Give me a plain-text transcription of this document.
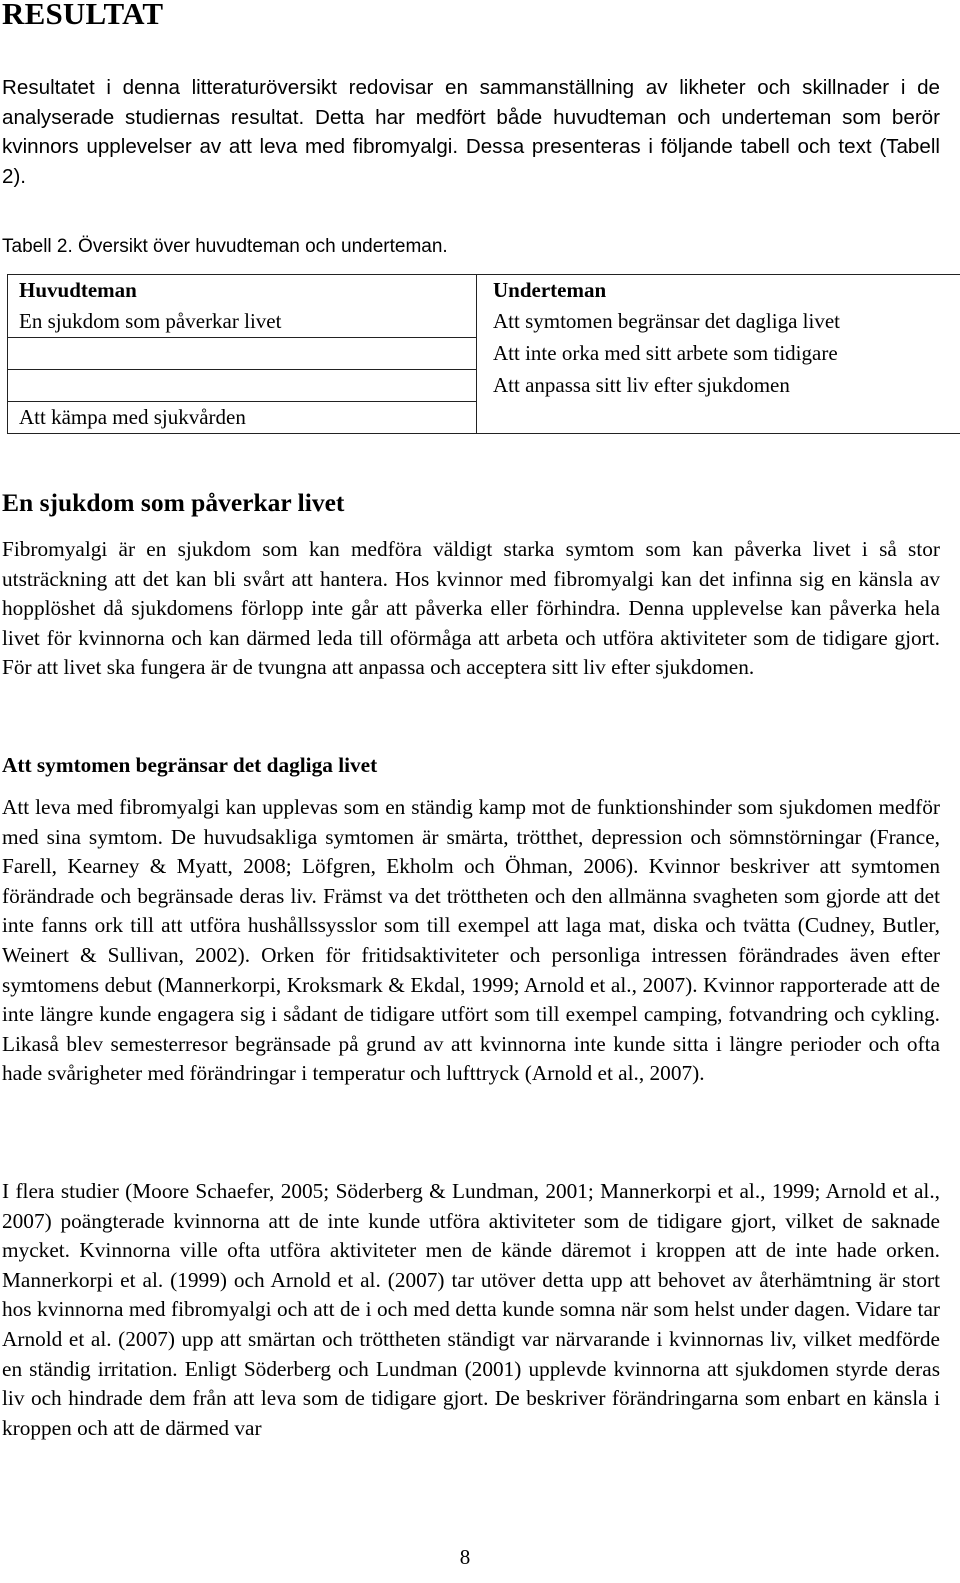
RESULTAT

Resultatet i denna litteraturöversikt redovisar en sammanställning av likheter och skillnader i de analyserade studiernas resultat. Detta har medfört både huvudteman och underteman som berör kvinnors upplevelser av att leva med fibromyalgi. Dessa presenteras i följande tabell och text (Tabell 2).

Tabell 2. Översikt över huvudteman och underteman.

Huvudteman	Underteman
En sjukdom som påverkar livet	Att symtomen begränsar det dagliga livet
	Att inte orka med sitt arbete som tidigare
	Att anpassa sitt liv efter sjukdomen
Att kämpa med sjukvården	
En sjukdom som påverkar livet

Fibromyalgi är en sjukdom som kan medföra väldigt starka symtom som kan påverka livet i så stor utsträckning att det kan bli svårt att hantera. Hos kvinnor med fibromyalgi kan det infinna sig en känsla av hopplöshet då sjukdomens förlopp inte går att påverka eller förhindra. Denna upplevelse kan påverka hela livet för kvinnorna och kan därmed leda till oförmåga att arbeta och utföra aktiviteter som de tidigare gjort. För att livet ska fungera är de tvungna att anpassa och acceptera sitt liv efter sjukdomen.

Att symtomen begränsar det dagliga livet

Att leva med fibromyalgi kan upplevas som en ständig kamp mot de funktionshinder som sjukdomen medför med sina symtom. De huvudsakliga symtomen är smärta, trötthet, depression och sömnstörningar (France, Farell, Kearney & Myatt, 2008; Löfgren, Ekholm och Öhman, 2006). Kvinnor beskriver att symtomen förändrade och begränsade deras liv. Främst va det tröttheten och den allmänna svagheten som gjorde att det inte fanns ork till att utföra hushållssysslor som till exempel att laga mat, diska och tvätta (Cudney, Butler, Weinert & Sullivan, 2002). Orken för fritidsaktiviteter och personliga intressen förändrades även efter symtomens debut (Mannerkorpi, Kroksmark & Ekdal, 1999; Arnold et al., 2007). Kvinnor rapporterade att de inte längre kunde engagera sig i sådant de tidigare utfört som till exempel camping, fotvandring och cykling. Likaså blev semesterresor begränsade på grund av att kvinnorna inte kunde sitta i längre perioder och ofta hade svårigheter med förändringar i temperatur och lufttryck (Arnold et al., 2007).

I flera studier (Moore Schaefer, 2005; Söderberg & Lundman, 2001; Mannerkorpi et al., 1999; Arnold et al., 2007) poängterade kvinnorna att de inte kunde utföra aktiviteter som de tidigare gjort, vilket de saknade mycket. Kvinnorna ville ofta utföra aktiviteter men de kände däremot i kroppen att de inte hade orken. Mannerkorpi et al. (1999) och Arnold et al. (2007) tar utöver detta upp att behovet av återhämtning är stort hos kvinnorna med fibromyalgi och att de i och med detta kunde somna när som helst under dagen. Vidare tar Arnold et al. (2007) upp att smärtan och tröttheten ständigt var närvarande i kvinnornas liv, vilket medförde en ständig irritation. Enligt Söderberg och Lundman (2001) upplevde kvinnorna att sjukdomen styrde deras liv och hindrade dem från att leva som de tidigare gjort. De beskriver förändringarna som enbart en känsla i kroppen och att de därmed var

8
